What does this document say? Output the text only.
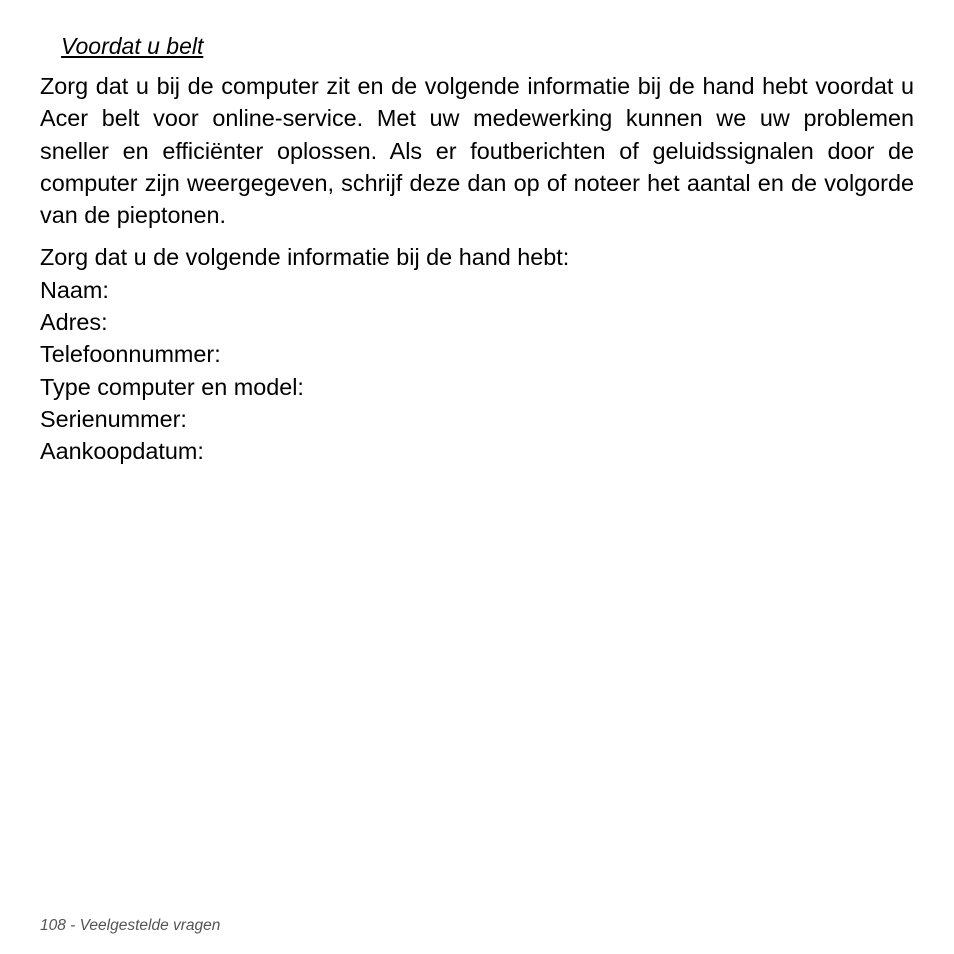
Voordat u belt

Zorg dat u bij de computer zit en de volgende informatie bij de hand hebt voordat u Acer belt voor online-service. Met uw medewerking kunnen we uw problemen sneller en efficiënter oplossen. Als er foutberichten of geluidssignalen door de computer zijn weergegeven, schrijf deze dan op of noteer het aantal en de volgorde van de pieptonen.

Zorg dat u de volgende informatie bij de hand hebt:

Naam:
Adres:
Telefoonnummer:
Type computer en model:
Serienummer:
Aankoopdatum:
108 - Veelgestelde vragen
